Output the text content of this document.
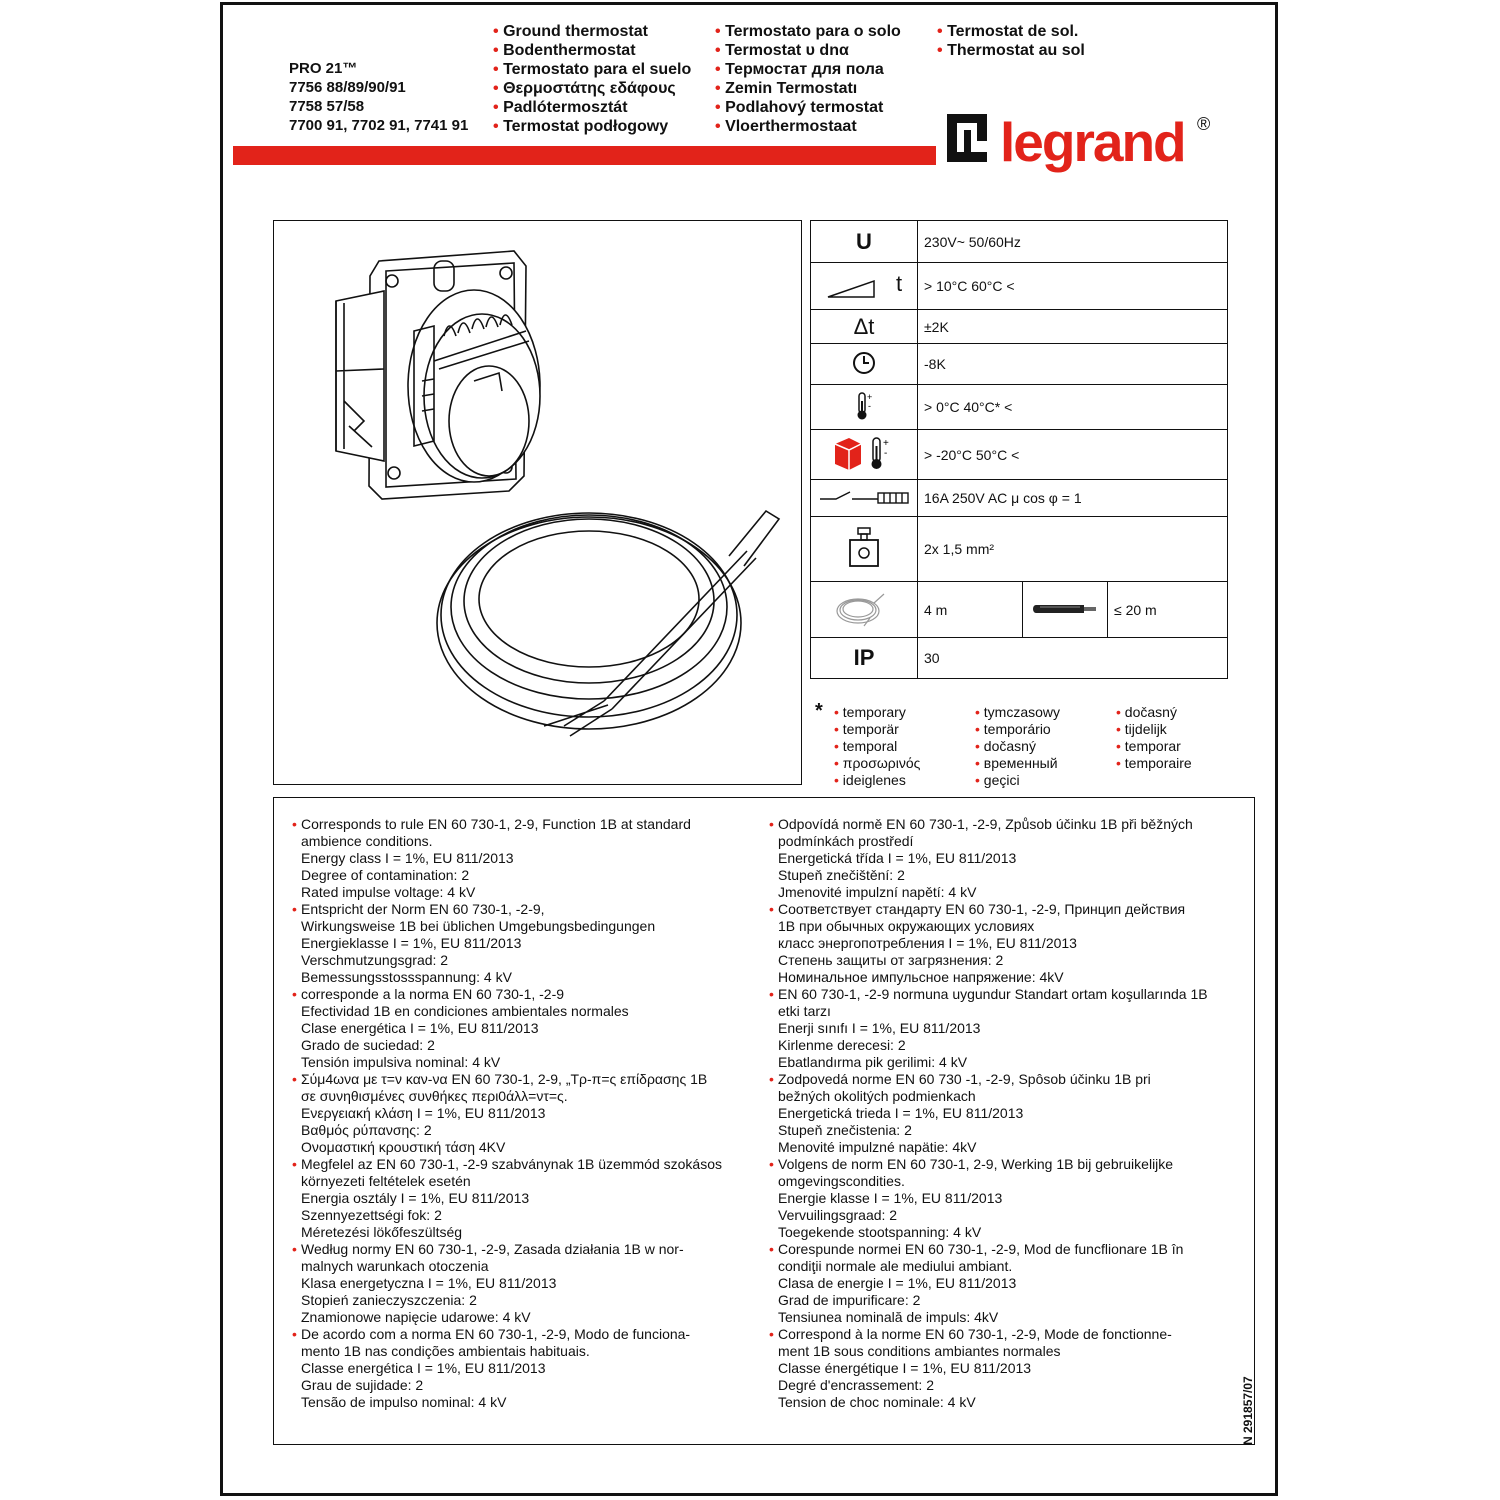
PRO 21™
7756 88/89/90/91
7758 57/58
7700 91, 7702 91, 7741 91
• Ground thermostat
• Bodenthermostat
• Termostato para el suelo
• Θερμοστάτης εδάφους
• Padlótermosztát
• Termostat podłogowy
• Termostato para o solo
• Termostat υ dnα
• Термостат для пола
• Zemin Termostatı
• Podlahový termostat
• Vloerthermostaat
• Termostat de sol.
• Thermostat au sol
legrand ®
U	230V~ 50/60Hz		
t	> 10°C 60°C <		
Δt	±2K		
	-8K		

+
-	> 0°C 40°C* <		

+
-	> -20°C 50°C <		
	16A 250V AC μ cos φ = 1		
	2x 1,5 mm²		
	4 m		≤ 20 m
IP	30		
* • temporary
• temporär
• temporal
• προσωρινός
• ideiglenes
• tymczasowy
• temporário
• dočasný
• временный
• geçici
• dočasný
• tijdelijk
• temporar
• temporaire
• Corresponds to rule EN 60 730-1, 2-9, Function 1B at standard
ambience conditions.
Energy class I = 1%, EU 811/2013
Degree of contamination: 2
Rated impulse voltage: 4 kV
• Entspricht der Norm EN 60 730-1, -2-9,
Wirkungsweise 1B bei üblichen Umgebungsbedingungen
Energieklasse I = 1%, EU 811/2013
Verschmutzungsgrad: 2
Bemessungsstossspannung: 4 kV
• corresponde a la norma EN 60 730-1, -2-9
Efectividad 1B en condiciones ambientales normales
Clase energética I = 1%, EU 811/2013
Grado de suciedad: 2
Tensión impulsiva nominal: 4 kV
• Σύμ4ωνα με τ=ν καν-να EN 60 730-1, 2-9, „Tρ-π=ς επίδρασης 1B
σε συνηθισμένες συνθήκες περι0άλλ=ντ=ς.
Ενεργειακή κλάση I = 1%, EU 811/2013
Βαθμός ρύπανσης: 2
Ονομαστική κρουστική τάση 4KV
• Megfelel az EN 60 730-1, -2-9 szabványnak 1B üzemmód szokásos
környezeti feltételek esetén
Energia osztály I = 1%, EU 811/2013
Szennyezettségi fok: 2
Méretezési lökőfeszültség
• Według normy EN 60 730-1, -2-9, Zasada działania 1B w nor-
malnych warunkach otoczenia
Klasa energetyczna I = 1%, EU 811/2013
Stopień zanieczyszczenia: 2
Znamionowe napięcie udarowe: 4 kV
• De acordo com a norma EN 60 730-1, -2-9, Modo de funciona-
mento 1B nas condições ambientais habituais.
Classe energética I = 1%, EU 811/2013
Grau de sujidade: 2
Tensão de impulso nominal: 4 kV
• Odpovídá normě EN 60 730-1, -2-9, Způsob účinku 1B při běžných
podmínkách prostředí
Energetická třída I = 1%, EU 811/2013
Stupeň znečištění: 2
Jmenovité impulzní napětí: 4 kV
• Соответствует стандарту EN 60 730-1, -2-9, Принцип действия
1B при обычных окружающих условиях
класс энергопотребления I = 1%, EU 811/2013
Степень защиты от загрязнения: 2
Номинальное импульсное напряжение: 4kV
• EN 60 730-1, -2-9 normuna uygundur Standart ortam koşullarında 1B
etki tarzı
Enerji sınıfı I = 1%, EU 811/2013
Kirlenme derecesi: 2
Ebatlandırma pik gerilimi: 4 kV
• Zodpovedá norme EN 60 730 -1, -2-9, Spôsob účinku 1B pri
bežných okolitých podmienkach
Energetická trieda I = 1%, EU 811/2013
Stupeň znečistenia: 2
Menovité impulzné napätie: 4kV
• Volgens de norm EN 60 730-1, 2-9, Werking 1B bij gebruikelijke
omgevingscondities.
Energie klasse I = 1%, EU 811/2013
Vervuilingsgraad: 2
Toegekende stootspanning: 4 kV
• Corespunde normei EN 60 730-1, -2-9, Mod de funcflionare 1B în
condiţii normale ale mediului ambiant.
Clasa de energie I = 1%, EU 811/2013
Grad de impurificare: 2
Tensiunea nominală de impuls: 4kV
• Correspond à la norme EN 60 730-1, -2-9, Mode de fonctionne-
ment 1B sous conditions ambiantes normales
Classe énergétique I = 1%, EU 811/2013
Degré d'encrassement: 2
Tension de choc nominale: 4 kV	N 291857/07
